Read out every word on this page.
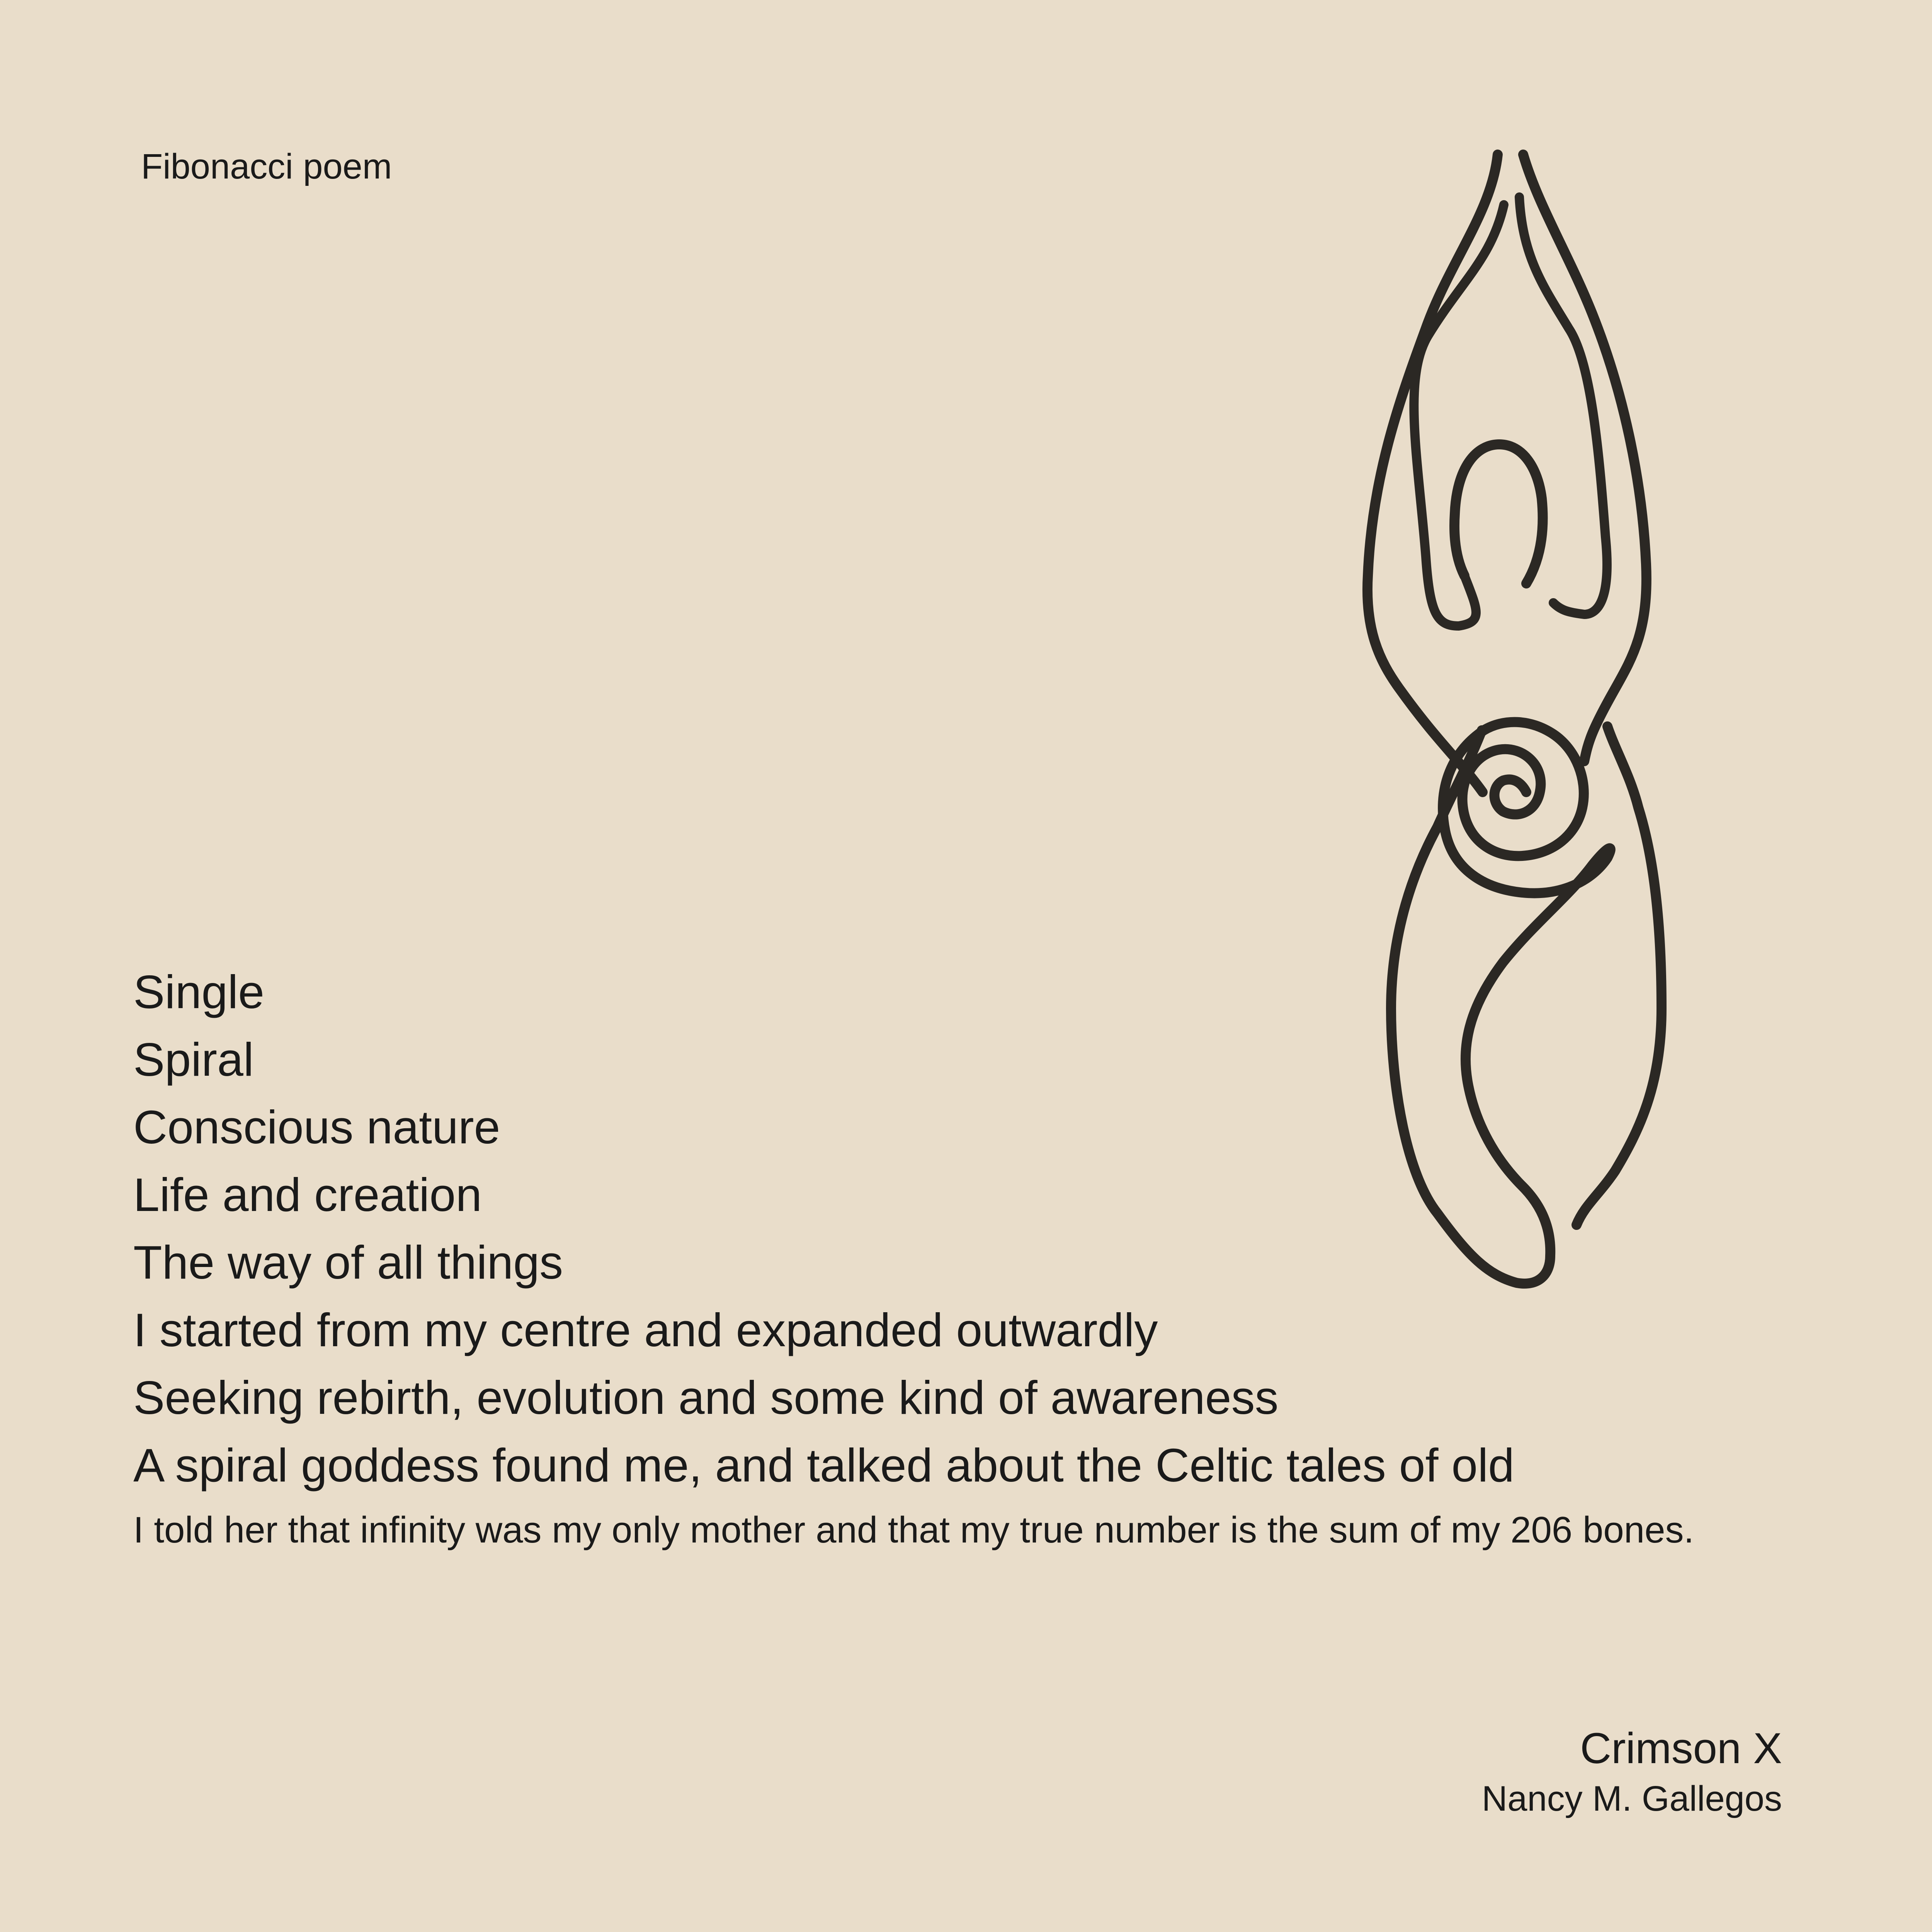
Fibonacci poem
Single
Spiral
Conscious nature
Life and creation
The way of all things
I started from my centre and expanded outwardly
Seeking rebirth, evolution and some kind of awareness
A spiral goddess found me, and talked about the Celtic tales of old
I told her that infinity was my only mother and that my true number is the sum of my 206 bones.
Crimson X
Nancy M. Gallegos
